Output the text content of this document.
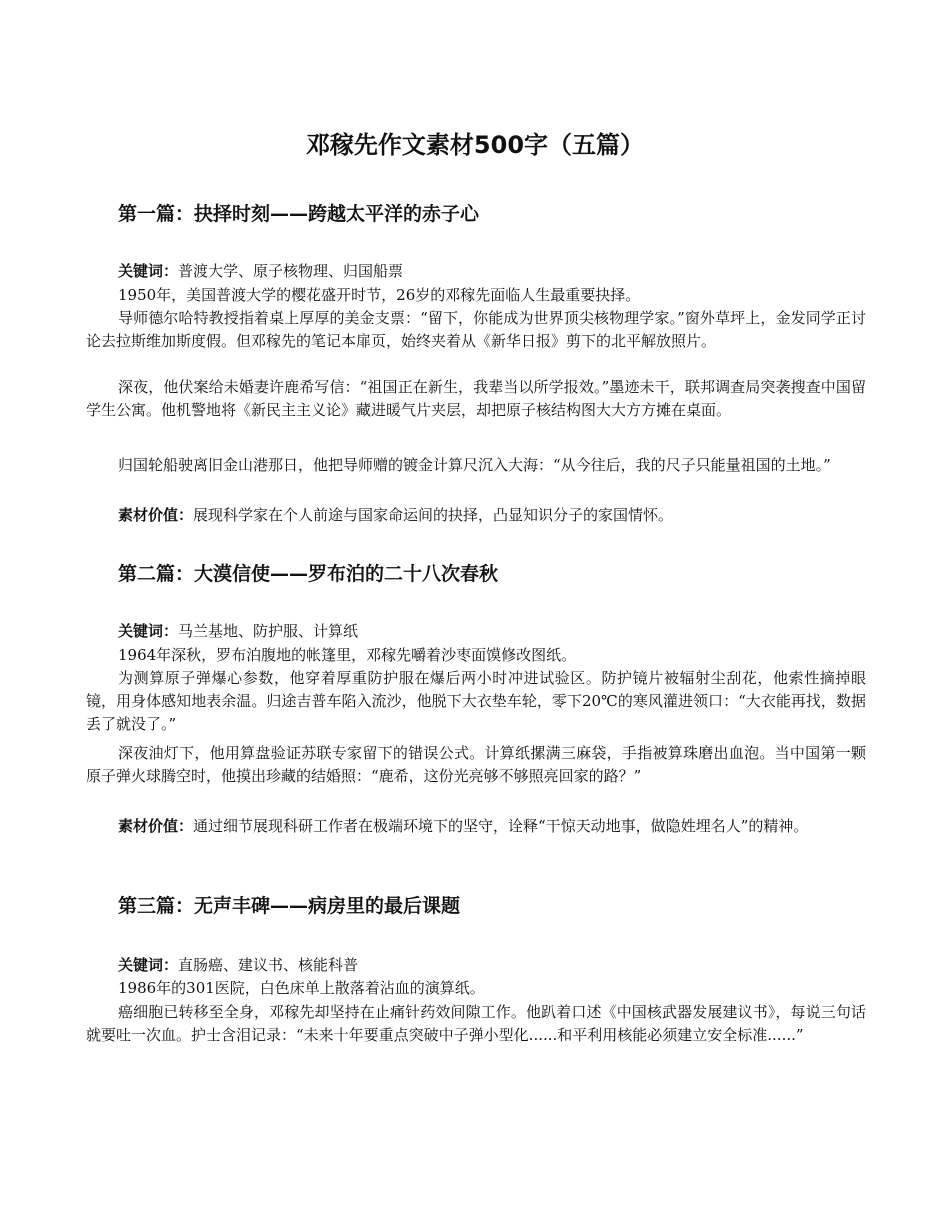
邓稼先作文素材500字（五篇）
第一篇：抉择时刻——跨越太平洋的赤子心

关键词：普渡大学、原子核物理、归国船票

1950年，美国普渡大学的樱花盛开时节，26岁的邓稼先面临人生最重要抉择。

导师德尔哈特教授指着桌上厚厚的美金支票：“留下，你能成为世界顶尖核物理学家。”窗外草坪上，金发同学正讨论去拉斯维加斯度假。但邓稼先的笔记本扉页，始终夹着从《新华日报》剪下的北平解放照片。

深夜，他伏案给未婚妻许鹿希写信：“祖国正在新生，我辈当以所学报效。”墨迹未干，联邦调查局突袭搜查中国留学生公寓。他机警地将《新民主主义论》藏进暖气片夹层，却把原子核结构图大大方方摊在桌面。

归国轮船驶离旧金山港那日，他把导师赠的镀金计算尺沉入大海：“从今往后，我的尺子只能量祖国的土地。”

素材价值：展现科学家在个人前途与国家命运间的抉择，凸显知识分子的家国情怀。

第二篇：大漠信使——罗布泊的二十八次春秋

关键词：马兰基地、防护服、计算纸

1964年深秋，罗布泊腹地的帐篷里，邓稼先嚼着沙枣面馍修改图纸。

为测算原子弹爆心参数，他穿着厚重防护服在爆后两小时冲进试验区。防护镜片被辐射尘刮花，他索性摘掉眼镜，用身体感知地表余温。归途吉普车陷入流沙，他脱下大衣垫车轮，零下20℃的寒风灌进领口：“大衣能再找，数据丢了就没了。”

深夜油灯下，他用算盘验证苏联专家留下的错误公式。计算纸摞满三麻袋，手指被算珠磨出血泡。当中国第一颗原子弹火球腾空时，他摸出珍藏的结婚照：“鹿希，这份光亮够不够照亮回家的路？”

素材价值：通过细节展现科研工作者在极端环境下的坚守，诠释“干惊天动地事，做隐姓埋名人”的精神。

第三篇：无声丰碑——病房里的最后课题

关键词：直肠癌、建议书、核能科普

1986年的301医院，白色床单上散落着沾血的演算纸。

癌细胞已转移至全身，邓稼先却坚持在止痛针药效间隙工作。他趴着口述《中国核武器发展建议书》，每说三句话就要吐一次血。护士含泪记录：“未来十年要重点突破中子弹小型化......和平利用核能必须建立安全标准......”
